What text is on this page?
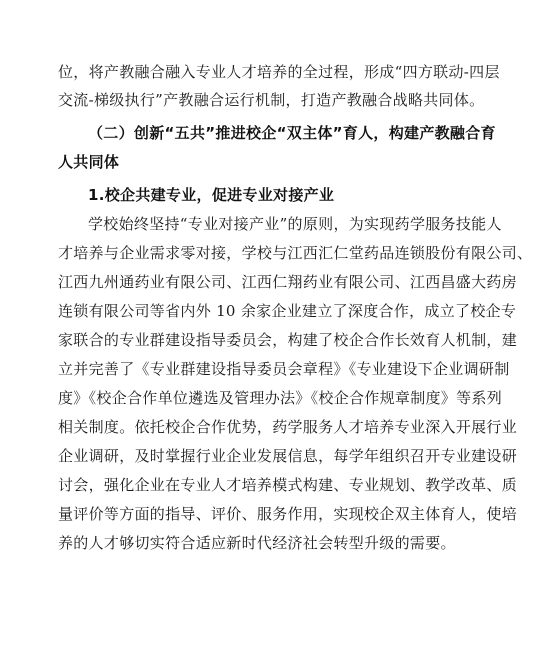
位，将产教融合融入专业人才培养的全过程，形成“四方联动-四层
交流-梯级执行”产教融合运行机制，打造产教融合战略共同体。
（二）创新“五共”推进校企“双主体”育人，构建产教融合育
人共同体
1.校企共建专业，促进专业对接产业
学校始终坚持“专业对接产业”的原则，为实现药学服务技能人
才培养与企业需求零对接，学校与江西汇仁堂药品连锁股份有限公司、
江西九州通药业有限公司、江西仁翔药业有限公司、江西昌盛大药房
连锁有限公司等省内外 10 余家企业建立了深度合作，成立了校企专
家联合的专业群建设指导委员会，构建了校企合作长效育人机制，建
立并完善了《专业群建设指导委员会章程》《专业建设下企业调研制
度》《校企合作单位遴选及管理办法》《校企合作规章制度》等系列
相关制度。依托校企合作优势，药学服务人才培养专业深入开展行业
企业调研，及时掌握行业企业发展信息，每学年组织召开专业建设研
讨会，强化企业在专业人才培养模式构建、专业规划、教学改革、质
量评价等方面的指导、评价、服务作用，实现校企双主体育人，使培
养的人才够切实符合适应新时代经济社会转型升级的需要。
